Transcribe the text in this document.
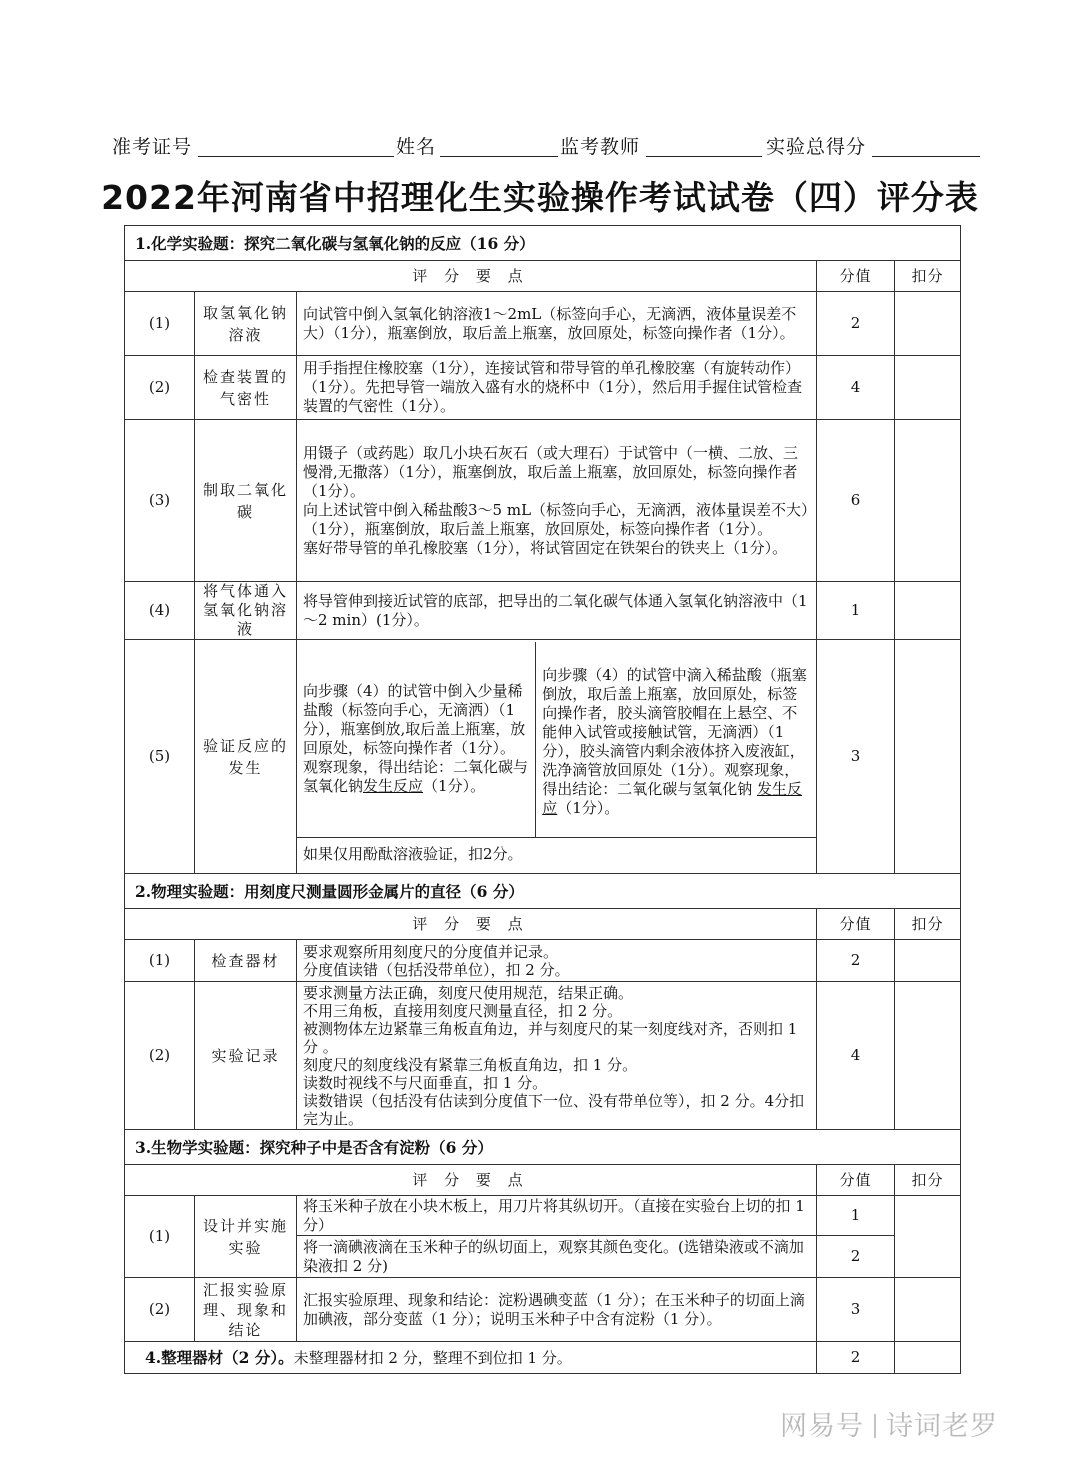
准考证号	姓名	监考教师	实验总得分
2022年河南省中招理化生实验操作考试试卷（四）评分表
1.化学实验题：探究二氧化碳与氢氧化钠的反应（16 分）
评 分 要 点	分值	扣分
(1)	取氢氧化钠溶液	向试管中倒入氢氧化钠溶液1～2mL（标签向手心，无滴洒，液体量误差不大）（1分），瓶塞倒放，取后盖上瓶塞，放回原处，标签向操作者（1分）。	2	
(2)	检查装置的气密性	用手指捏住橡胶塞（1分），连接试管和带导管的单孔橡胶塞（有旋转动作）（1分）。先把导管一端放入盛有水的烧杯中（1分），然后用手握住试管检查装置的气密性（1分）。	4	
(3)	制取二氧化碳	
用镊子（或药匙）取几小块石灰石（或大理石）于试管中（一横、二放、三慢滑,无撒落）（1分），瓶塞倒放，取后盖上瓶塞，放回原处，标签向操作者（1分）。
向上述试管中倒入稀盐酸3～5 mL（标签向手心，无滴洒，液体量误差不大）（1分），瓶塞倒放，取后盖上瓶塞，放回原处，标签向操作者（1分）。
塞好带导管的单孔橡胶塞（1分），将试管固定在铁架台的铁夹上（1分）。
	6	
(4)	将气体通入氢氧化钠溶液	将导管伸到接近试管的底部，把导出的二氧化碳气体通入氢氧化钠溶液中（1～2 min）(1分）。	1	
(5)	验证反应的发生	
向步骤（4）的试管中倒入少量稀盐酸（标签向手心，无滴洒）（1分），瓶塞倒放,取后盖上瓶塞，放回原处，标签向操作者（1分）。观察现象，得出结论：二氧化碳与氢氧化钠发生反应（1分）。	向步骤（4）的试管中滴入稀盐酸（瓶塞倒放，取后盖上瓶塞，放回原处，标签向操作者，胶头滴管胶帽在上悬空、不能伸入试管或接触试管，无滴洒）（1分），胶头滴管内剩余液体挤入废液缸，洗净滴管放回原处（1分）。观察现象，得出结论：二氧化碳与氢氧化钠 发生反应（1分）。
如果仅用酚酞溶液验证，扣2分。
	3	
2.物理实验题：用刻度尺测量圆形金属片的直径（6 分）
评 分 要 点	分值	扣分
(1)	检查器材	要求观察所用刻度尺的分度值并记录。
分度值读错（包括没带单位），扣 2 分。
	2	
(2)	实验记录	
要求测量方法正确，刻度尺使用规范，结果正确。
不用三角板，直接用刻度尺测量直径，扣 2 分。
被测物体左边紧靠三角板直角边，并与刻度尺的某一刻度线对齐，否则扣 1 分 。
刻度尺的刻度线没有紧靠三角板直角边，扣 1 分。
读数时视线不与尺面垂直，扣 1 分。
读数错误（包括没有估读到分度值下一位、没有带单位等），扣 2 分。4分扣完为止。
	4	
3.生物学实验题：探究种子中是否含有淀粉（6 分）
评 分 要 点	分值	扣分
(1)	设计并实施实验	将玉米种子放在小块木板上，用刀片将其纵切开。（直接在实验台上切的扣 1 分）	1	
将一滴碘液滴在玉米种子的纵切面上，观察其颜色变化。(选错染液或不滴加染液扣 2 分)	2
(2)	汇报实验原理、现象和结论	汇报实验原理、现象和结论：淀粉遇碘变蓝（1 分）；在玉米种子的切面上滴加碘液，部分变蓝（1 分）；说明玉米种子中含有淀粉（1 分）。	3	
4.整理器材（2 分）。未整理器材扣 2 分，整理不到位扣 1 分。	2	
网易号 诗词老罗
